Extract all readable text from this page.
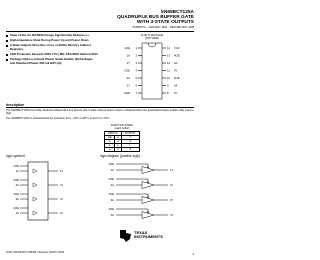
SN65BCT125A
QUADRUPLE BUS BUFFER GATE
WITH 3-STATE OUTPUTS
SCBS057C – JANUARY 1993 – REVISED MAY 1999
State-of-the-Art BiCMOS Design Significantly Reduces I₂₃
High-Impedance State During Power Up and Power Down
3-State Outputs Drive Bus Lines or Buffer Memory Address Registers
ESD Protection Exceeds 2000 V Per MIL-STD-883C Method 3015
Package Options Include Plastic Small-Outline (D) Packages and Standard Plastic 300-mil DIPs (N)
D OR N PACKAGE
(TOP VIEW)
1
1OE	14 VCC
2
1A	13 4OE
3
1Y	12 4A
4
2OE	11 4Y
5
2A	10 3OE
6
2Y	9 3A
7
GND	8 3Y
description

The SN65BCT125A bus buffer features independent line drivers with 3-state outputs. Each output is disabled when the associated output-enable (OE) input is high.

The SN65BCT125A is characterized for operation from −40°C to 85°C and 0°C to 70°C.

FUNCTION TABLE
(each buffer)
INPUTS		OUTPUT
OE	A	Y
L	H	H
L	L	L
H	X	Z
logic symbol†
1OE
1A	1Y
2OE
2A	2Y
3OE
3A	3Y
4OE
4A	4Y
logic diagram (positive logic)
1OE
1A	1Y
2OE
2A	2Y
3OE
3A	3Y
4OE
4A	4Y
TEXAS
INSTRUMENTS
POST OFFICE BOX 655303 • DALLAS, TEXAS 75265	1
